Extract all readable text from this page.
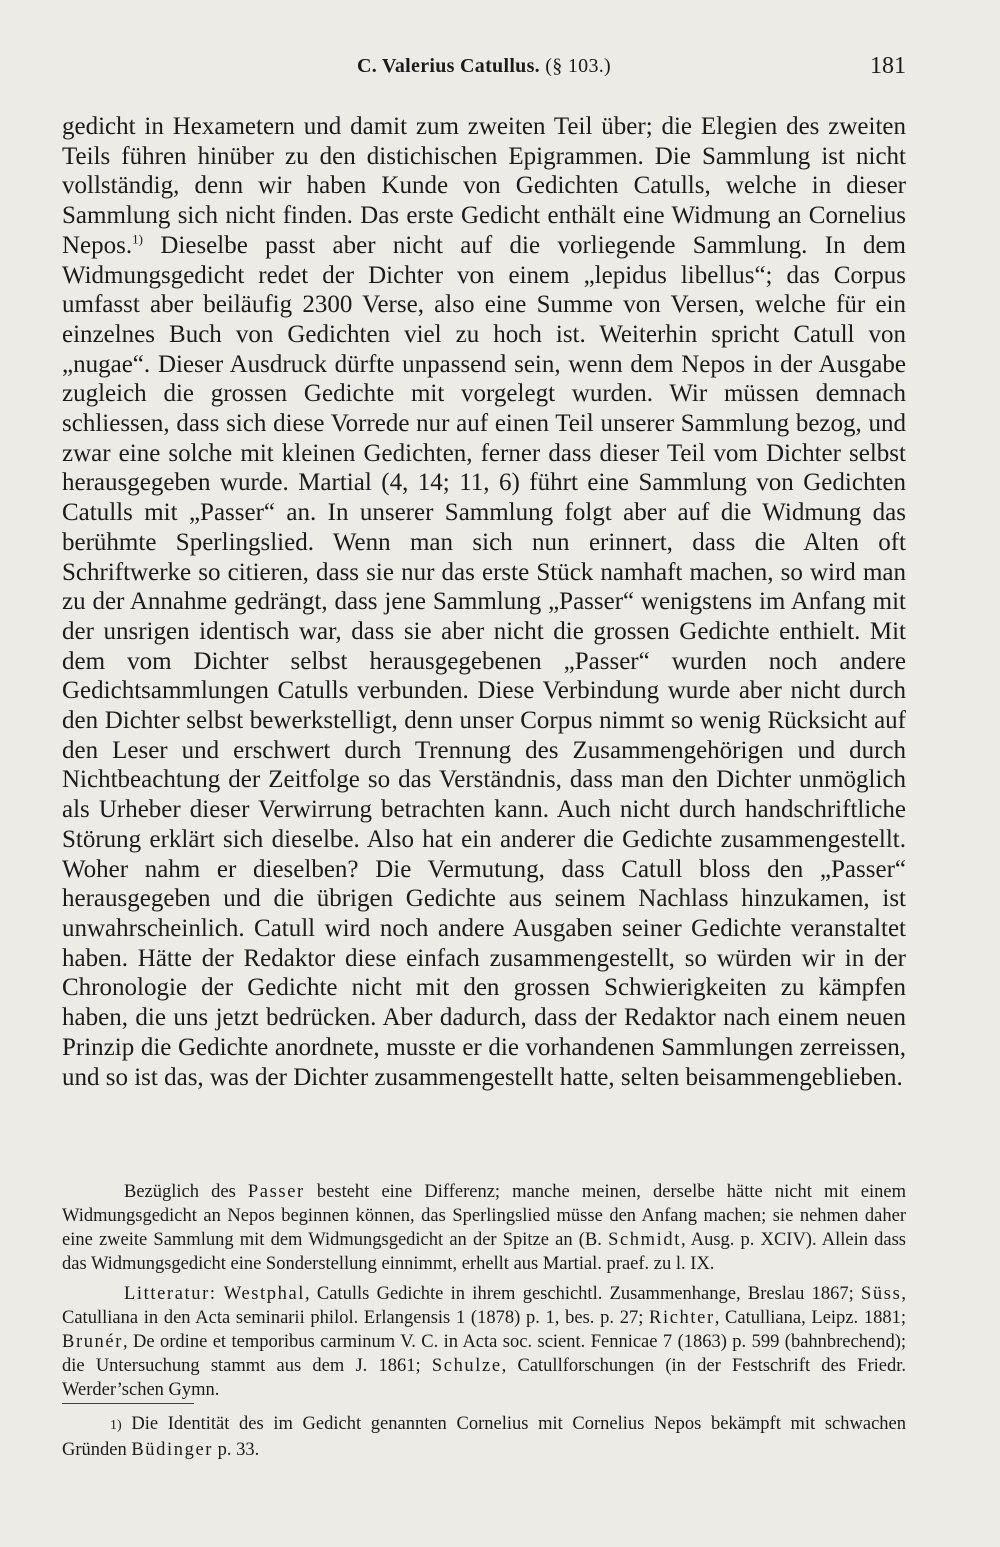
C. Valerius Catullus. (§ 103.)	181

gedicht in Hexametern und damit zum zweiten Teil über; die Elegien des zweiten Teils führen hinüber zu den distichischen Epigrammen. Die Sammlung ist nicht vollständig, denn wir haben Kunde von Gedichten Catulls, welche in dieser Sammlung sich nicht finden. Das erste Gedicht enthält eine Widmung an Cornelius Nepos.$^{1)}$ Dieselbe passt aber nicht auf die vorliegende Sammlung. In dem Widmungsgedicht redet der Dichter von einem „lepidus libellus“; das Corpus umfasst aber beiläufig 2300 Verse, also eine Summe von Versen, welche für ein einzelnes Buch von Gedichten viel zu hoch ist. Weiterhin spricht Catull von „nugae“. Dieser Ausdruck dürfte unpassend sein, wenn dem Nepos in der Ausgabe zugleich die grossen Gedichte mit vorgelegt wurden. Wir müssen demnach schliessen, dass sich diese Vorrede nur auf einen Teil unserer Sammlung bezog, und zwar eine solche mit kleinen Gedichten, ferner dass dieser Teil vom Dichter selbst herausgegeben wurde. Martial (4, 14; 11, 6) führt eine Sammlung von Gedichten Catulls mit „Passer“ an. In unserer Sammlung folgt aber auf die Widmung das berühmte Sperlingslied. Wenn man sich nun erinnert, dass die Alten oft Schriftwerke so citieren, dass sie nur das erste Stück namhaft machen, so wird man zu der Annahme gedrängt, dass jene Sammlung „Passer“ wenigstens im Anfang mit der unsrigen identisch war, dass sie aber nicht die grossen Gedichte enthielt. Mit dem vom Dichter selbst herausgegebenen „Passer“ wurden noch andere Gedichtsammlungen Catulls verbunden. Diese Verbindung wurde aber nicht durch den Dichter selbst bewerkstelligt, denn unser Corpus nimmt so wenig Rücksicht auf den Leser und erschwert durch Trennung des Zusammengehörigen und durch Nichtbeachtung der Zeitfolge so das Verständnis, dass man den Dichter unmöglich als Urheber dieser Verwirrung betrachten kann. Auch nicht durch handschriftliche Störung erklärt sich dieselbe. Also hat ein anderer die Gedichte zusammengestellt. Woher nahm er dieselben? Die Vermutung, dass Catull bloss den „Passer“ herausgegeben und die übrigen Gedichte aus seinem Nachlass hinzukamen, ist unwahrscheinlich. Catull wird noch andere Ausgaben seiner Gedichte veranstaltet haben. Hätte der Redaktor diese einfach zusammengestellt, so würden wir in der Chronologie der Gedichte nicht mit den grossen Schwierigkeiten zu kämpfen haben, die uns jetzt bedrücken. Aber dadurch, dass der Redaktor nach einem neuen Prinzip die Gedichte anordnete, musste er die vorhandenen Sammlungen zerreissen, und so ist das, was der Dichter zusammengestellt hatte, selten beisammengeblieben.

Bezüglich des Passer besteht eine Differenz; manche meinen, derselbe hätte nicht mit einem Widmungsgedicht an Nepos beginnen können, das Sperlingslied müsse den Anfang machen; sie nehmen daher eine zweite Sammlung mit dem Widmungsgedicht an der Spitze an (B. Schmidt, Ausg. p. XCIV). Allein dass das Widmungsgedicht eine Sonderstellung einnimmt, erhellt aus Martial. praef. zu l. IX.

Litteratur: Westphal, Catulls Gedichte in ihrem geschichtl. Zusammenhange, Breslau 1867; Süss, Catulliana in den Acta seminarii philol. Erlangensis 1 (1878) p. 1, bes. p. 27; Richter, Catulliana, Leipz. 1881; Brunér, De ordine et temporibus carminum V. C. in Acta soc. scient. Fennicae 7 (1863) p. 599 (bahnbrechend); die Untersuchung stammt aus dem J. 1861; Schulze, Catullforschungen (in der Festschrift des Friedr. Werder’schen Gymn.

1) Die Identität des im Gedicht genannten Cornelius mit Cornelius Nepos bekämpft mit schwachen Gründen Büdinger p. 33.
